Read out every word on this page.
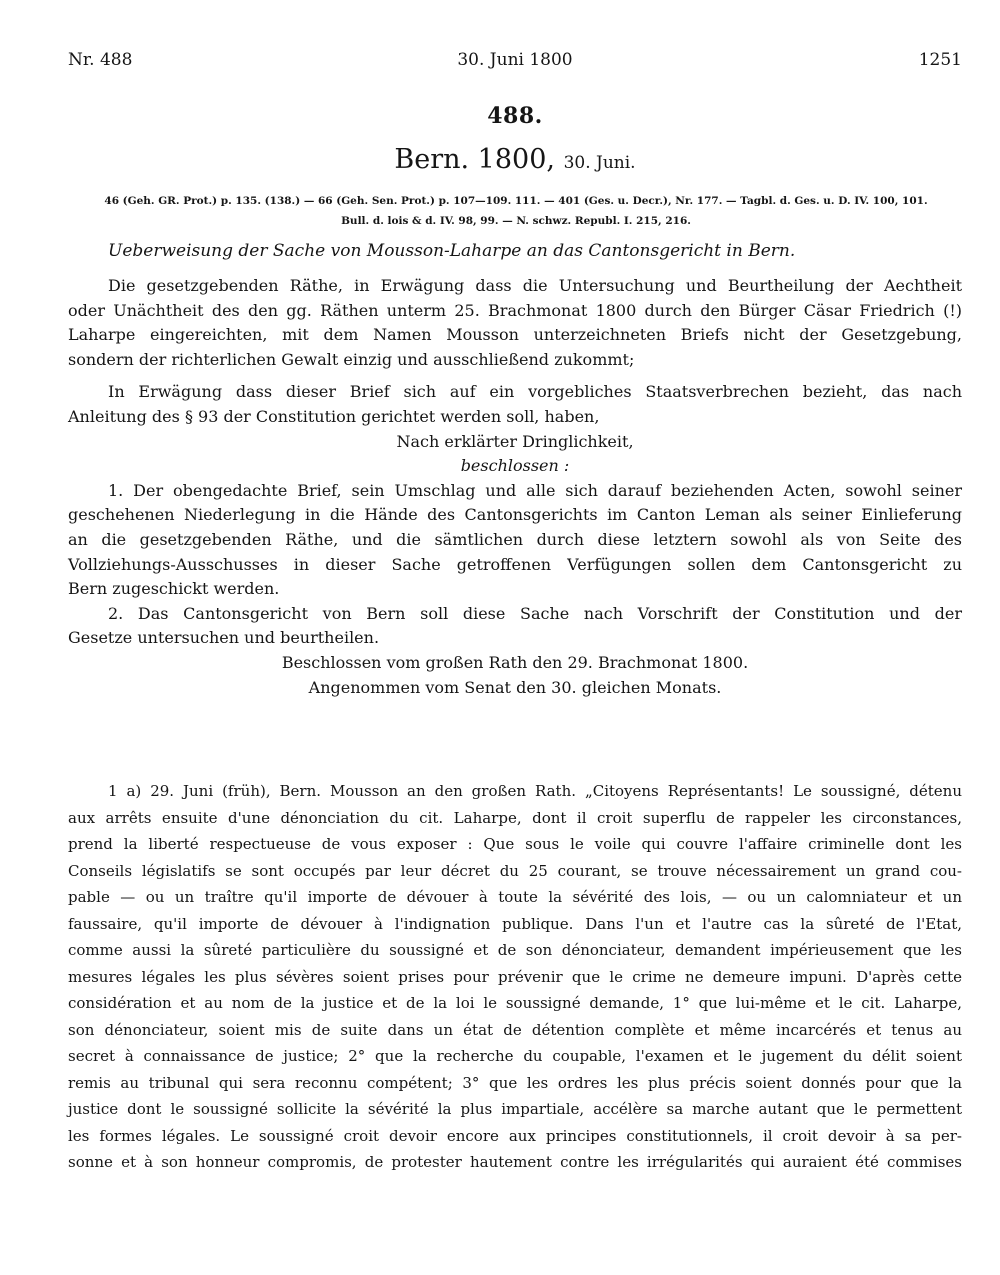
Nr. 488	30. Juni 1800	1251
488.
Bern. 1800, 30. Juni.
46 (Geh. GR. Prot.) p. 135. (138.) — 66 (Geh. Sen. Prot.) p. 107—109. 111. — 401 (Ges. u. Decr.), Nr. 177. — Tagbl. d. Ges. u. D. IV. 100, 101.
Bull. d. lois & d. IV. 98, 99. — N. schwz. Republ. I. 215, 216.
Ueberweisung der Sache von Mousson-Laharpe an das Cantonsgericht in Bern.

Die gesetzgebenden Räthe, in Erwägung dass die Untersuchung und Beurtheilung der Aechtheit

oder Unächtheit des den gg. Räthen unterm 25. Brachmonat 1800 durch den Bürger Cäsar Friedrich (!)

Laharpe eingereichten, mit dem Namen Mousson unterzeichneten Briefs nicht der Gesetzgebung,

sondern der richterlichen Gewalt einzig und ausschließend zukommt;

In Erwägung dass dieser Brief sich auf ein vorgebliches Staatsverbrechen bezieht, das nach

Anleitung des § 93 der Constitution gerichtet werden soll, haben,

Nach erklärter Dringlichkeit,

beschlossen :

1. Der obengedachte Brief, sein Umschlag und alle sich darauf beziehenden Acten, sowohl seiner

geschehenen Niederlegung in die Hände des Cantonsgerichts im Canton Leman als seiner Einlieferung

an die gesetzgebenden Räthe, und die sämtlichen durch diese letztern sowohl als von Seite des

Vollziehungs-Ausschusses in dieser Sache getroffenen Verfügungen sollen dem Cantonsgericht zu

Bern zugeschickt werden.

2. Das Cantonsgericht von Bern soll diese Sache nach Vorschrift der Constitution und der

Gesetze untersuchen und beurtheilen.

Beschlossen vom großen Rath den 29. Brachmonat 1800.

Angenommen vom Senat den 30. gleichen Monats.

1 a) 29. Juni (früh), Bern. Mousson an den großen Rath. „Citoyens Représentants! Le soussigné, détenu

aux arrêts ensuite d'une dénonciation du cit. Laharpe, dont il croit superflu de rappeler les circonstances,

prend la liberté respectueuse de vous exposer : Que sous le voile qui couvre l'affaire criminelle dont les

Conseils législatifs se sont occupés par leur décret du 25 courant, se trouve nécessairement un grand cou-

pable — ou un traître qu'il importe de dévouer à toute la sévérité des lois, — ou un calomniateur et un

faussaire, qu'il importe de dévouer à l'indignation publique. Dans l'un et l'autre cas la sûreté de l'Etat,

comme aussi la sûreté particulière du soussigné et de son dénonciateur, demandent impérieusement que les

mesures légales les plus sévères soient prises pour prévenir que le crime ne demeure impuni. D'après cette

considération et au nom de la justice et de la loi le soussigné demande, 1° que lui-même et le cit. Laharpe,

son dénonciateur, soient mis de suite dans un état de détention complète et même incarcérés et tenus au

secret à connaissance de justice; 2° que la recherche du coupable, l'examen et le jugement du délit soient

remis au tribunal qui sera reconnu compétent; 3° que les ordres les plus précis soient donnés pour que la

justice dont le soussigné sollicite la sévérité la plus impartiale, accélère sa marche autant que le permettent

les formes légales. Le soussigné croit devoir encore aux principes constitutionnels, il croit devoir à sa per-

sonne et à son honneur compromis, de protester hautement contre les irrégularités qui auraient été commises
